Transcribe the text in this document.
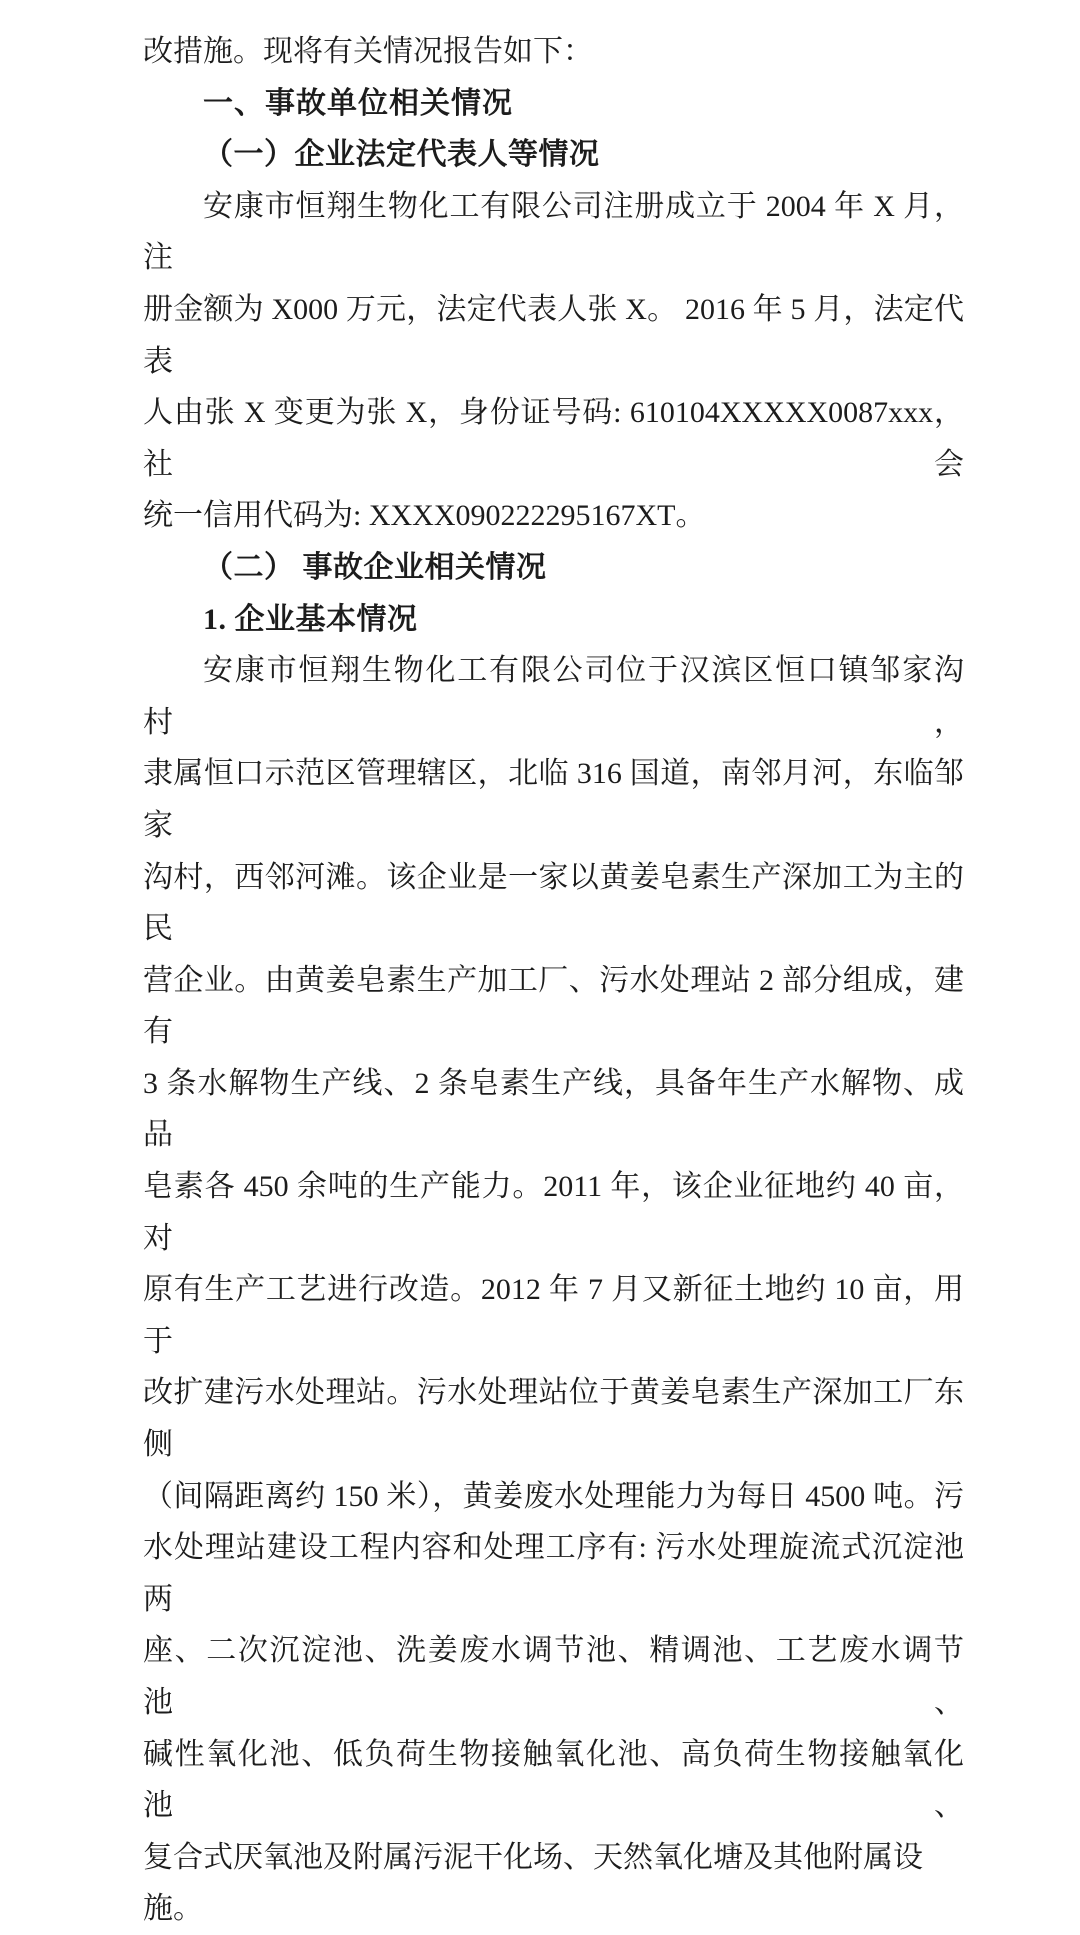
改措施。现将有关情况报告如下：
一、事故单位相关情况
（一）企业法定代表人等情况
安康市恒翔生物化工有限公司注册成立于 2004 年 X 月，注
册金额为 X000 万元，法定代表人张 X。 2016 年 5 月，法定代表
人由张 X 变更为张 X，身份证号码: 610104XXXXX0087xxx，社会
统一信用代码为: XXXX090222295167XT。
（二） 事故企业相关情况
1. 企业基本情况
安康市恒翔生物化工有限公司位于汉滨区恒口镇邹家沟村，
隶属恒口示范区管理辖区，北临 316 国道，南邻月河，东临邹家
沟村，西邻河滩。该企业是一家以黄姜皂素生产深加工为主的民
营企业。由黄姜皂素生产加工厂、污水处理站 2 部分组成，建有
3 条水解物生产线、2 条皂素生产线，具备年生产水解物、成品
皂素各 450 余吨的生产能力。2011 年，该企业征地约 40 亩，对
原有生产工艺进行改造。2012 年 7 月又新征土地约 10 亩，用于
改扩建污水处理站。污水处理站位于黄姜皂素生产深加工厂东侧
（间隔距离约 150 米），黄姜废水处理能力为每日 4500 吨。污
水处理站建设工程内容和处理工序有: 污水处理旋流式沉淀池两
座、二次沉淀池、洗姜废水调节池、精调池、工艺废水调节池、
碱性氧化池、低负荷生物接触氧化池、高负荷生物接触氧化池、
复合式厌氧池及附属污泥干化场、天然氧化塘及其他附属设施。
